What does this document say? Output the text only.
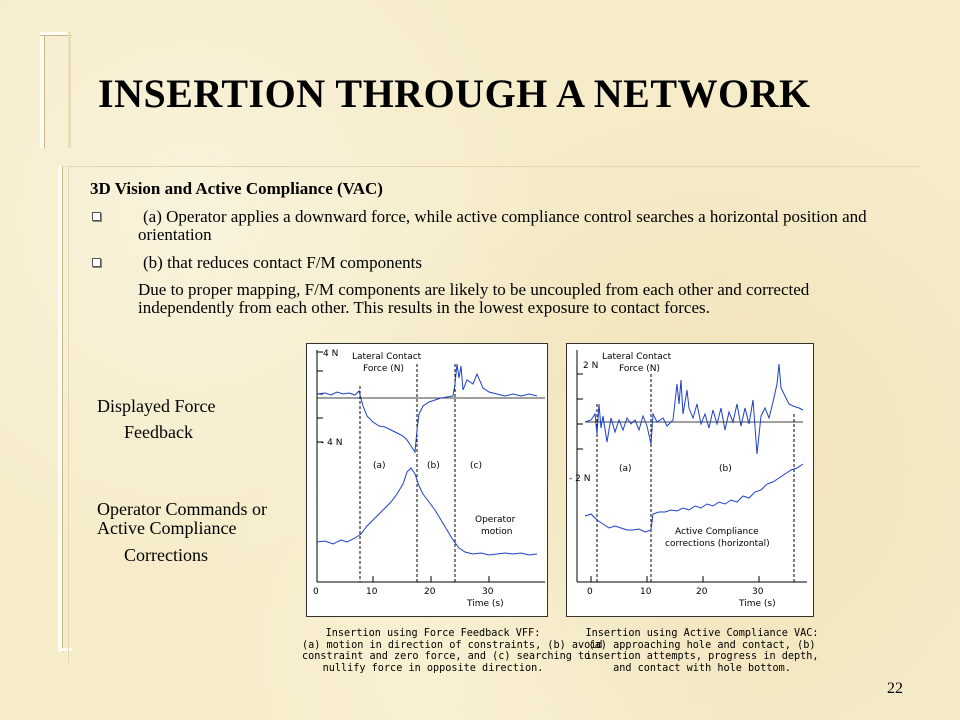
INSERTION THROUGH A NETWORK
3D Vision and Active Compliance (VAC)
(a) Operator applies a downward force, while active compliance control searches a horizontal position and orientation
(b) that reduces contact F/M components
Due to proper mapping, F/M components are likely to be uncoupled from each other and corrected independently from each other. This results in the lowest exposure to contact forces.
Displayed Force
Feedback
Operator Commands or
Active Compliance
Corrections
4 N
- 4 N
Lateral Contact
Force (N)
(a)	(b)	(c)
Operator
motion
0	10	20	30
Time (s)
Insertion using Force Feedback VFF:
(a) motion in direction of constraints, (b) avoid
constraint and zero force, and (c) searching to
nullify force in opposite direction.
2 N
- 2 N
Lateral Contact
Force (N)
(a)	(b)
Active Compliance
corrections (horizontal)
0	10	20	30
Time (s)
Insertion using Active Compliance VAC:
(a) approaching hole and contact, (b)
insertion attempts, progress in depth,
and contact with hole bottom.
22
